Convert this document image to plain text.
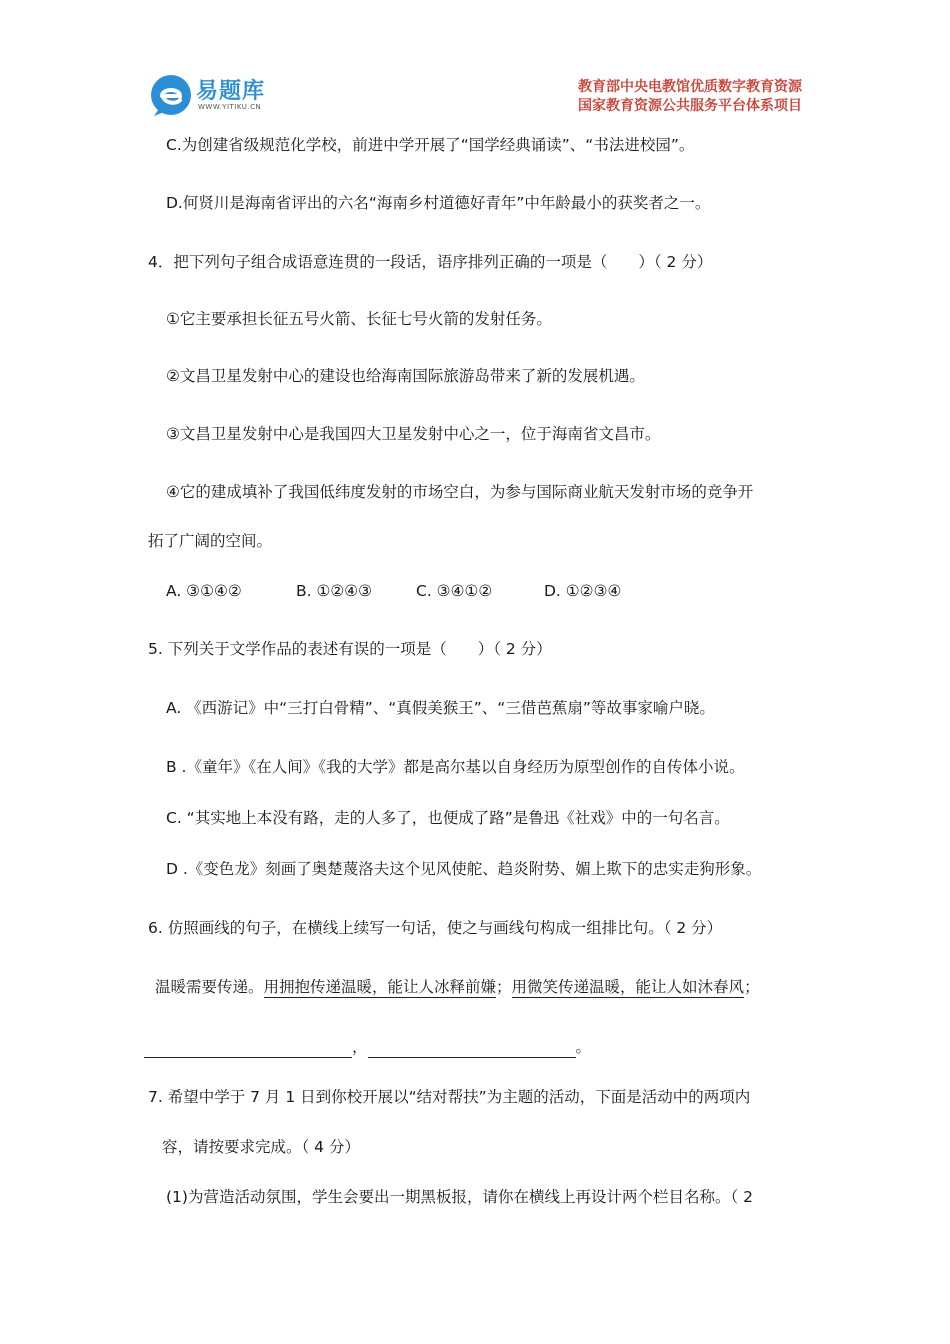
易题库
WWW.YITIKU.CN
教育部中央电教馆优质数字教育资源
国家教育资源公共服务平台体系项目
C.为创建省级规范化学校，前进中学开展了“国学经典诵读”、“书法进校园”。
D.何贤川是海南省评出的六名“海南乡村道德好青年”中年龄最小的获奖者之一。
4．把下列句子组合成语意连贯的一段话，语序排列正确的一项是（　　）（ 2 分）
①它主要承担长征五号火箭、长征七号火箭的发射任务。
②文昌卫星发射中心的建设也给海南国际旅游岛带来了新的发展机遇。
③文昌卫星发射中心是我国四大卫星发射中心之一，位于海南省文昌市。
④它的建成填补了我国低纬度发射的市场空白，为参与国际商业航天发射市场的竞争开
拓了广阔的空间。
A. ③①④②	B. ①②④③	C. ③④①②	D. ①②③④
5. 下列关于文学作品的表述有误的一项是（　　）（ 2 分）
A. 《西游记》中“三打白骨精”、“真假美猴王”、“三借芭蕉扇”等故事家喻户晓。
B .《童年》《在人间》《我的大学》都是高尔基以自身经历为原型创作的自传体小说。
C. “其实地上本没有路，走的人多了，也便成了路”是鲁迅《社戏》中的一句名言。
D .《变色龙》刻画了奥楚蔑洛夫这个见风使舵、趋炎附势、媚上欺下的忠实走狗形象。
6. 仿照画线的句子，在横线上续写一句话，使之与画线句构成一组排比句。（ 2 分）
温暖需要传递。用拥抱传递温暖，能让人冰释前嫌；用微笑传递温暖，能让人如沐春风；
，	。
7. 希望中学于 7 月 1 日到你校开展以“结对帮扶”为主题的活动，下面是活动中的两项内
容，请按要求完成。（ 4 分）
(1)为营造活动氛围，学生会要出一期黑板报，请你在横线上再设计两个栏目名称。（ 2
